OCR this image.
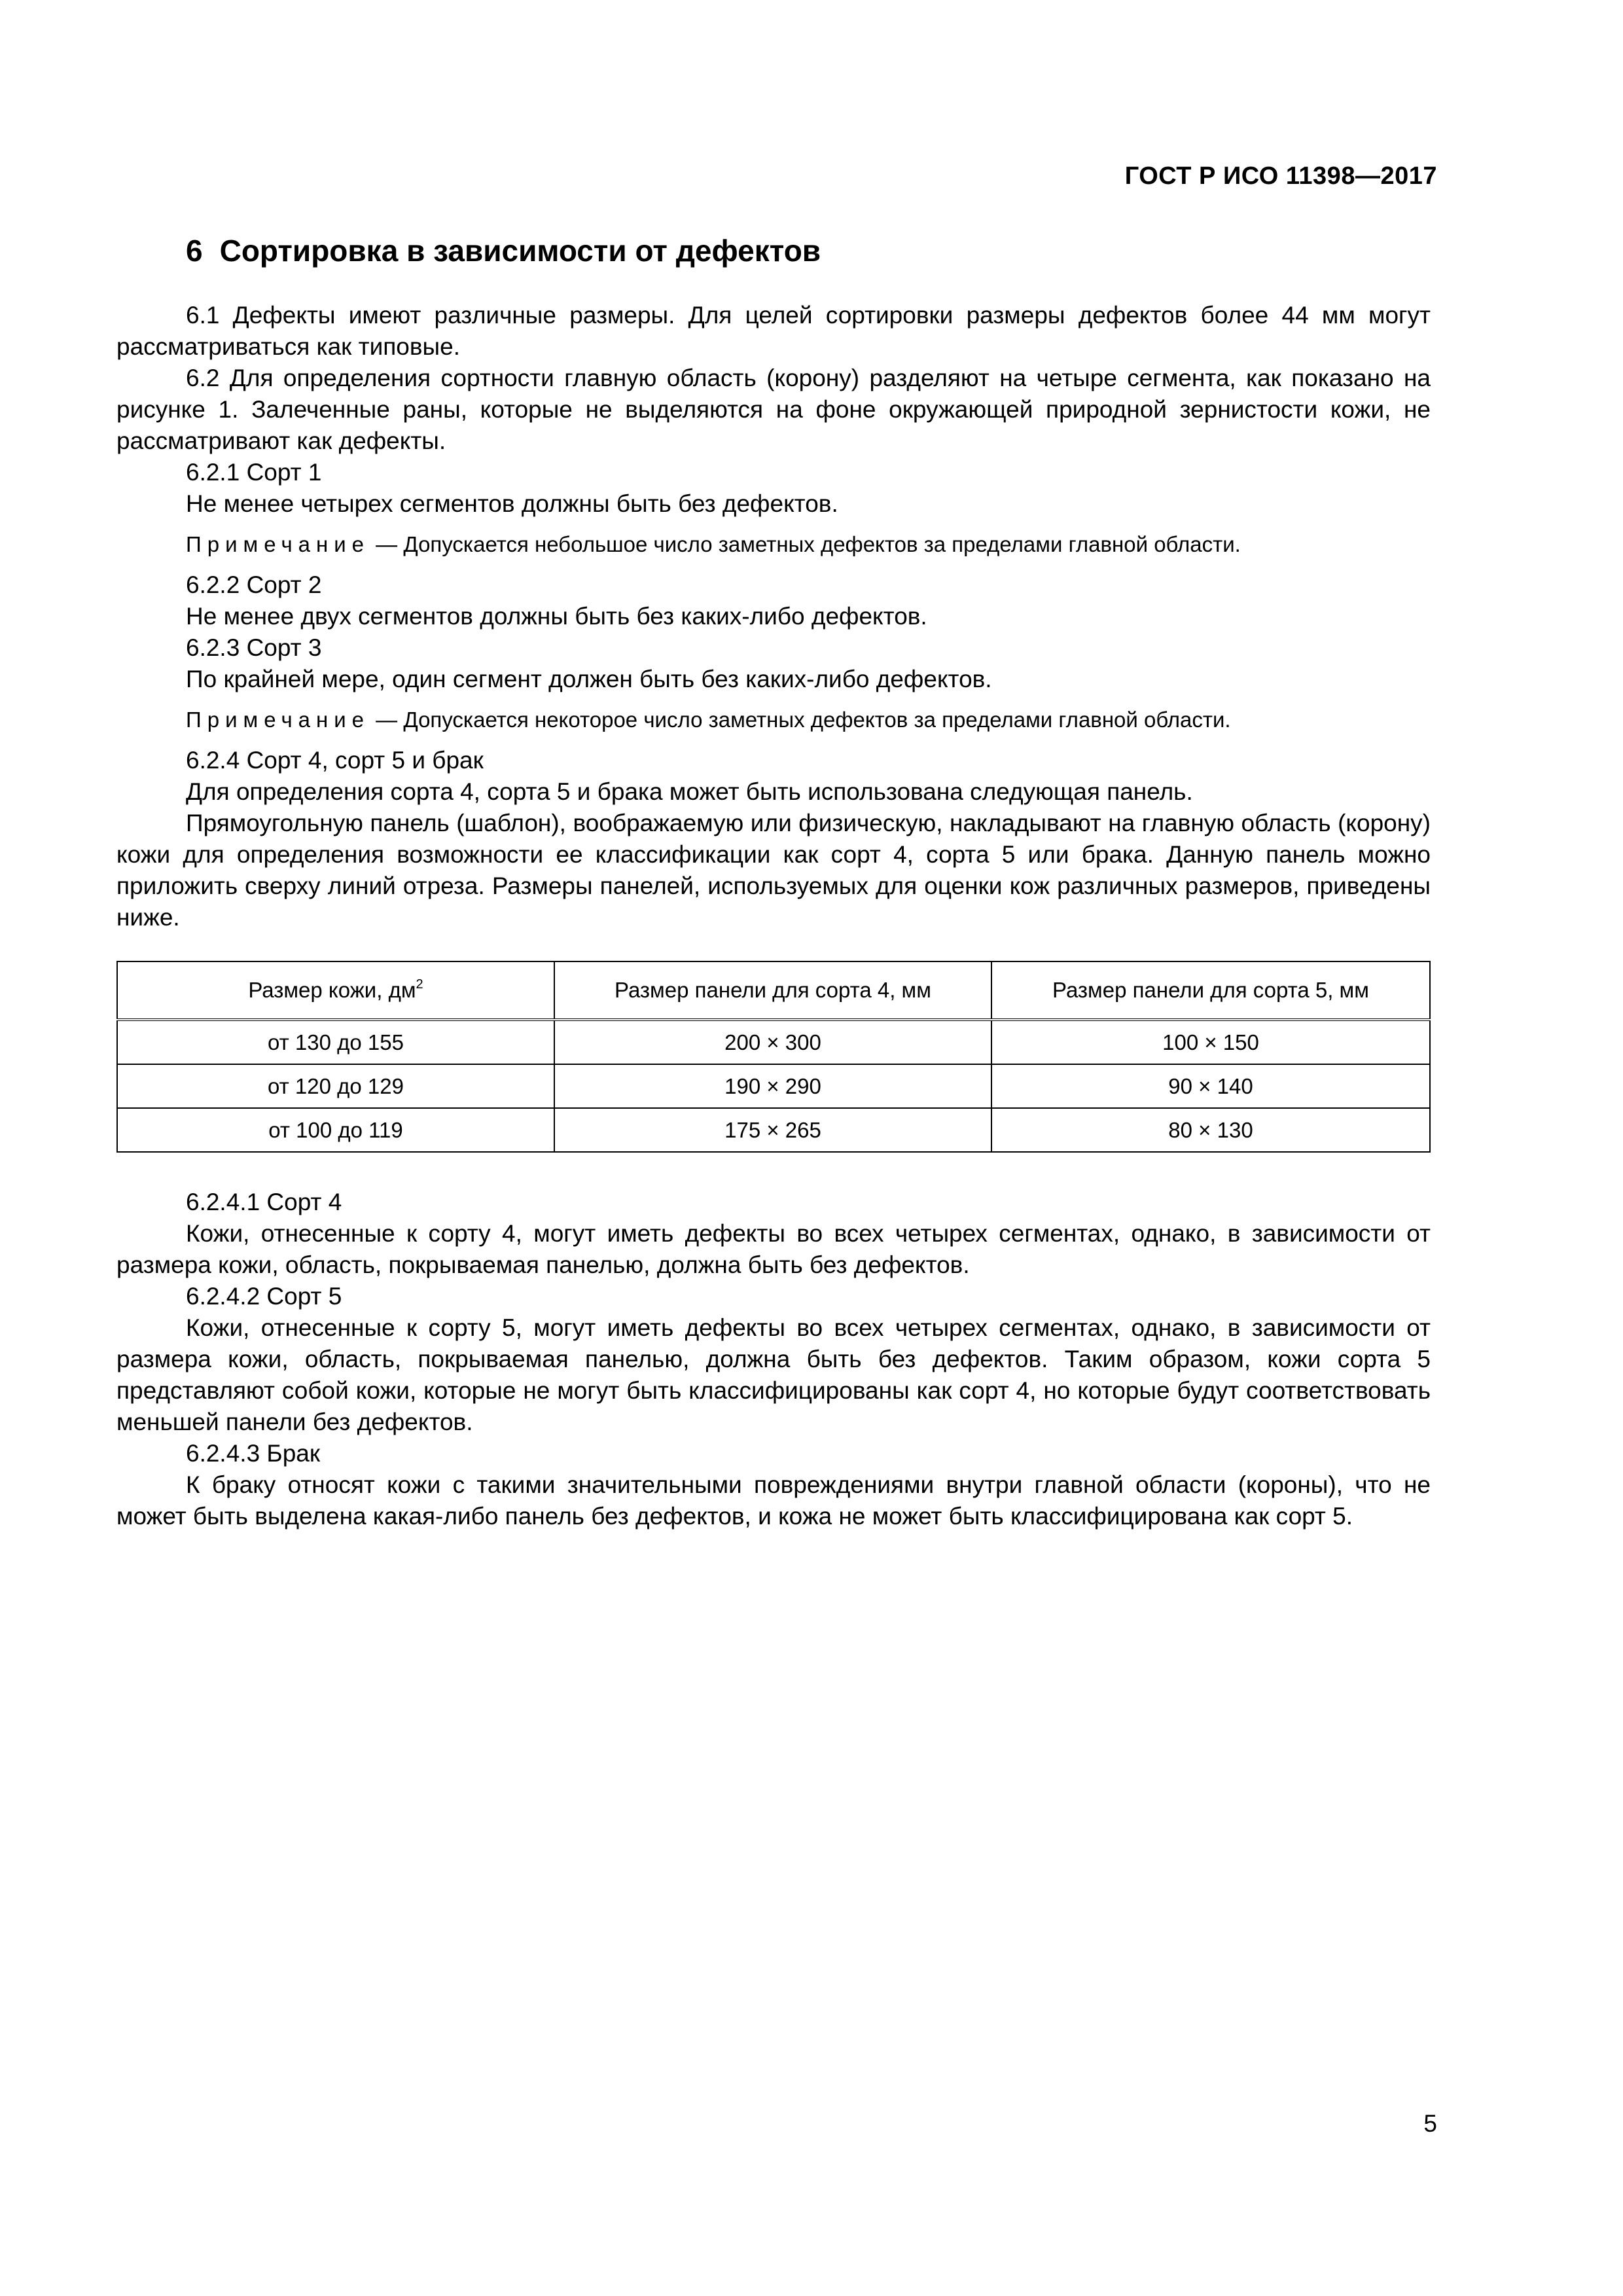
ГОСТ Р ИСО 11398—2017
6 Сортировка в зависимости от дефектов

6.1 Дефекты имеют различные размеры. Для целей сортировки размеры дефектов более 44 мм могут рассматриваться как типовые.

6.2 Для определения сортности главную область (корону) разделяют на четыре сегмента, как показано на рисунке 1. Залеченные раны, которые не выделяются на фоне окружающей природной зернистости кожи, не рассматривают как дефекты.

6.2.1 Сорт 1

Не менее четырех сегментов должны быть без дефектов.

Примечание — Допускается небольшое число заметных дефектов за пределами главной области.

6.2.2 Сорт 2

Не менее двух сегментов должны быть без каких-либо дефектов.

6.2.3 Сорт 3

По крайней мере, один сегмент должен быть без каких-либо дефектов.

Примечание — Допускается некоторое число заметных дефектов за пределами главной области.

6.2.4 Сорт 4, сорт 5 и брак

Для определения сорта 4, сорта 5 и брака может быть использована следующая панель.

Прямоугольную панель (шаблон), воображаемую или физическую, накладывают на главную область (корону) кожи для определения возможности ее классификации как сорт 4, сорта 5 или брака. Данную панель можно приложить сверху линий отреза. Размеры панелей, используемых для оценки кож различных размеров, приведены ниже.

Размер кожи, $дм^2$	Размер панели для сорта 4, мм	Размер панели для сорта 5, мм
от 130 до 155	200 × 300	100 × 150
от 120 до 129	190 × 290	90 × 140
от 100 до 119	175 × 265	80 × 130

6.2.4.1 Сорт 4

Кожи, отнесенные к сорту 4, могут иметь дефекты во всех четырех сегментах, однако, в зависимости от размера кожи, область, покрываемая панелью, должна быть без дефектов.

6.2.4.2 Сорт 5

Кожи, отнесенные к сорту 5, могут иметь дефекты во всех четырех сегментах, однако, в зависимости от размера кожи, область, покрываемая панелью, должна быть без дефектов. Таким образом, кожи сорта 5 представляют собой кожи, которые не могут быть классифицированы как сорт 4, но которые будут соответствовать меньшей панели без дефектов.

6.2.4.3 Брак

К браку относят кожи с такими значительными повреждениями внутри главной области (короны), что не может быть выделена какая-либо панель без дефектов, и кожа не может быть классифицирована как сорт 5.

5
